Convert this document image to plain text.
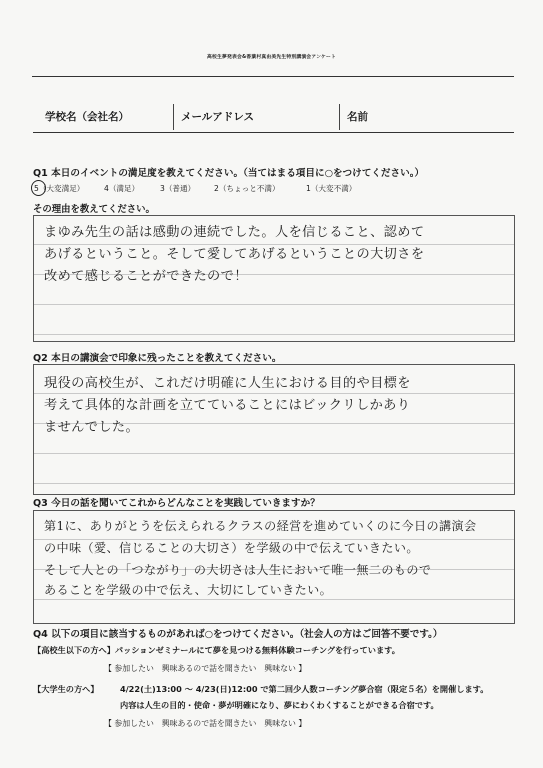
高校生夢発表会&香葉村真由美先生特別講演会アンケート
学校名（会社名）	メールアドレス	名前
Q1 本日のイベントの満足度を教えてください。（当てはまる項目に○をつけてください。）
5（大変満足）	4（満足）	3（普通） 2（ちょっと不満）	1（大変不満）
その理由を教えてください。
まゆみ先生の話は感動の連続でした。人を信じること、認めて
あげるということ。そして愛してあげるということの大切さを
改めて感じることができたので！
Q2 本日の講演会で印象に残ったことを教えてください。
現役の高校生が、これだけ明確に人生における目的や目標を
考えて具体的な計画を立てていることにはビックリしかあり
ませんでした。
Q3 今日の話を聞いてこれからどんなことを実践していきますか？
第1に、ありがとうを伝えられるクラスの経営を進めていくのに今日の講演会
の中味（愛、信じることの大切さ）を学級の中で伝えていきたい。
そして人との「つながり」の大切さは人生において唯一無二のもので
あることを学級の中で伝え、大切にしていきたい。
Q4 以下の項目に該当するものがあれば○をつけてください。（社会人の方はご回答不要です。）
【高校生以下の方へ】パッションゼミナールにて夢を見つける無料体験コーチングを行っています。
【 参加したい　興味あるので話を聞きたい　興味ない 】
【大学生の方へ】	4/22(土)13:00 ～ 4/23(日)12:00 で第二回少人数コーチング夢合宿（限定５名）を開催します。
内容は人生の目的・使命・夢が明確になり、夢にわくわくすることができる合宿です。
【 参加したい　興味あるので話を聞きたい　興味ない 】
